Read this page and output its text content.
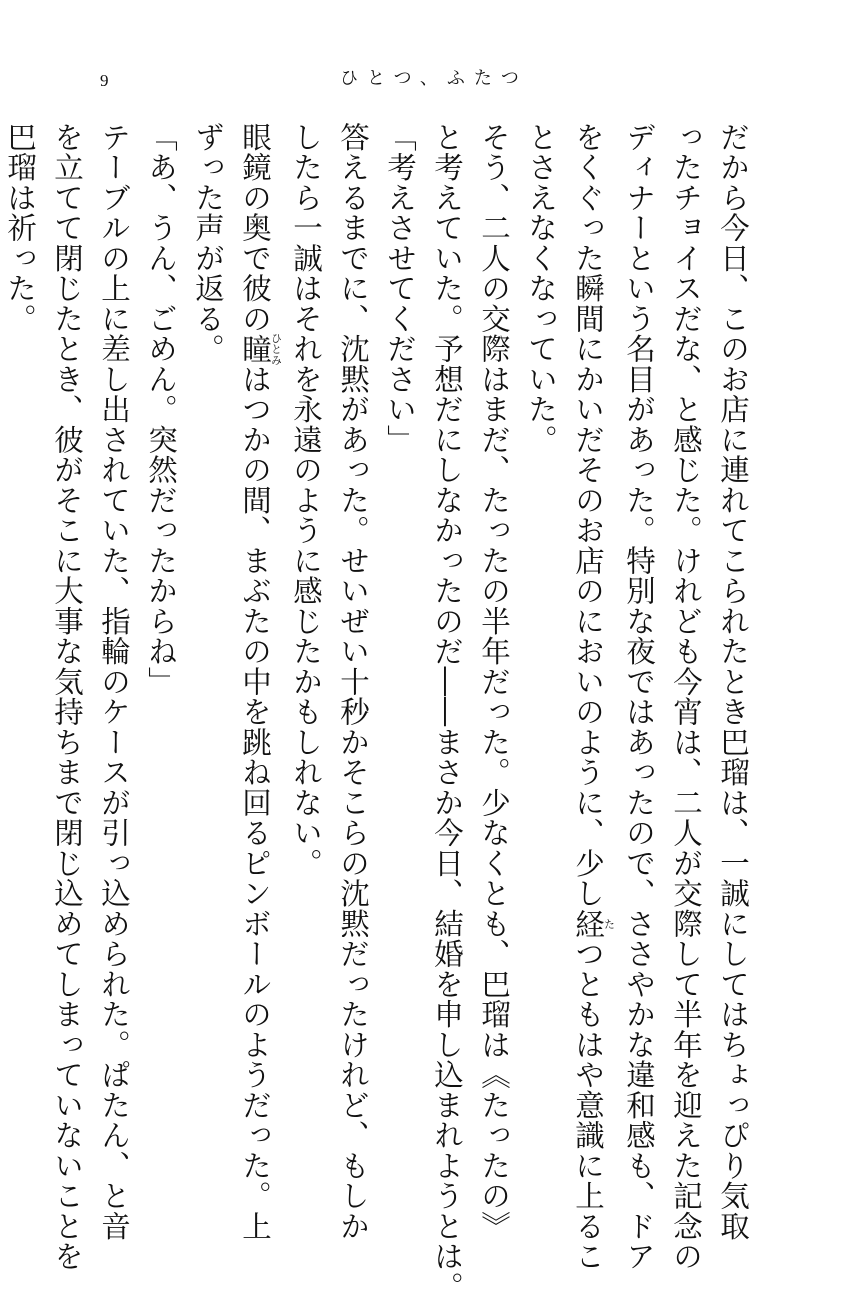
9	ひとつ、ふたつ
だから今日、このお店に連れてこられたとき巴瑠は、一誠にしてはちょっぴり気取
ったチョイスだな、と感じた。けれども今宵は、二人が交際して半年を迎えた記念の
ディナーという名目があった。特別な夜ではあったので、ささやかな違和感も、ドア
をくぐった瞬間にかいだそのお店のにおいのように、少し経たつともはや意識に上るこ
とさえなくなっていた。
そう、二人の交際はまだ、たったの半年だった。少なくとも、巴瑠は《たったの》
と考えていた。予想だにしなかったのだ――まさか今日、結婚を申し込まれようとは。
「考えさせてください」
答えるまでに、沈黙があった。せいぜい十秒かそこらの沈黙だったけれど、もしか
したら一誠はそれを永遠のように感じたかもしれない。
眼鏡の奥で彼の瞳ひとみはつかの間、まぶたの中を跳ね回るピンボールのようだった。上
ずった声が返る。
「あ、うん、ごめん。突然だったからね」
テーブルの上に差し出されていた、指輪のケースが引っ込められた。ぱたん、と音
を立てて閉じたとき、彼がそこに大事な気持ちまで閉じ込めてしまっていないことを
巴瑠は祈った。
